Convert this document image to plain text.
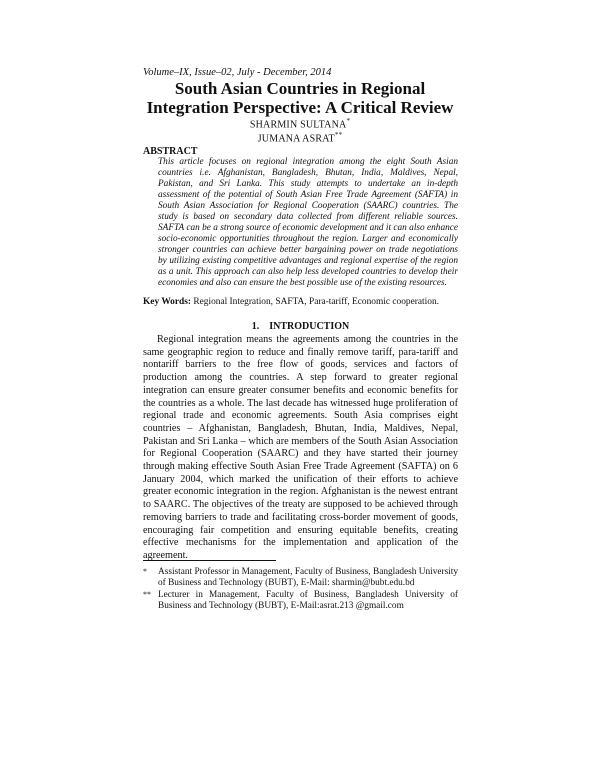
Volume–IX, Issue–02, July - December, 2014
South Asian Countries in Regional
Integration Perspective: A Critical Review
SHARMIN SULTANA*
JUMANA ASRAT**
ABSTRACT
This article focuses on regional integration among the eight South Asian countries i.e. Afghanistan, Bangladesh, Bhutan, India, Maldives, Nepal, Pakistan, and Sri Lanka. This study attempts to undertake an in-depth assessment of the potential of South Asian Free Trade Agreement (SAFTA) in South Asian Association for Regional Cooperation (SAARC) countries. The study is based on secondary data collected from different reliable sources. SAFTA can be a strong source of economic development and it can also enhance socio-economic opportunities throughout the region. Larger and economically stronger countries can achieve better bargaining power on trade negotiations by utilizing existing competitive advantages and regional expertise of the region as a unit. This approach can also help less developed countries to develop their economies and also can ensure the best possible use of the existing resources.
Key Words: Regional Integration, SAFTA, Para-tariff, Economic cooperation.
1.    INTRODUCTION
Regional integration means the agreements among the countries in the same geographic region to reduce and finally remove tariff, para-tariff and nontariff barriers to the free flow of goods, services and factors of production among the countries. A step forward to greater regional integration can ensure greater consumer benefits and economic benefits for the countries as a whole. The last decade has witnessed huge proliferation of regional trade and economic agreements. South Asia comprises eight countries – Afghanistan, Bangladesh, Bhutan, India, Maldives, Nepal, Pakistan and Sri Lanka – which are members of the South Asian Association for Regional Cooperation (SAARC) and they have started their journey through making effective South Asian Free Trade Agreement (SAFTA) on 6 January 2004, which marked the unification of their efforts to achieve greater economic integration in the region. Afghanistan is the newest entrant to SAARC. The objectives of the treaty are supposed to be achieved through removing barriers to trade and facilitating cross-border movement of goods, encouraging fair competition and ensuring equitable benefits, creating effective mechanisms for the implementation and application of the agreement.
* Assistant Professor in Management, Faculty of Business, Bangladesh University of Business and Technology (BUBT), E-Mail: sharmin@bubt.edu.bd
** Lecturer in Management, Faculty of Business, Bangladesh University of Business and Technology (BUBT), E-Mail:asrat.213 @gmail.com
